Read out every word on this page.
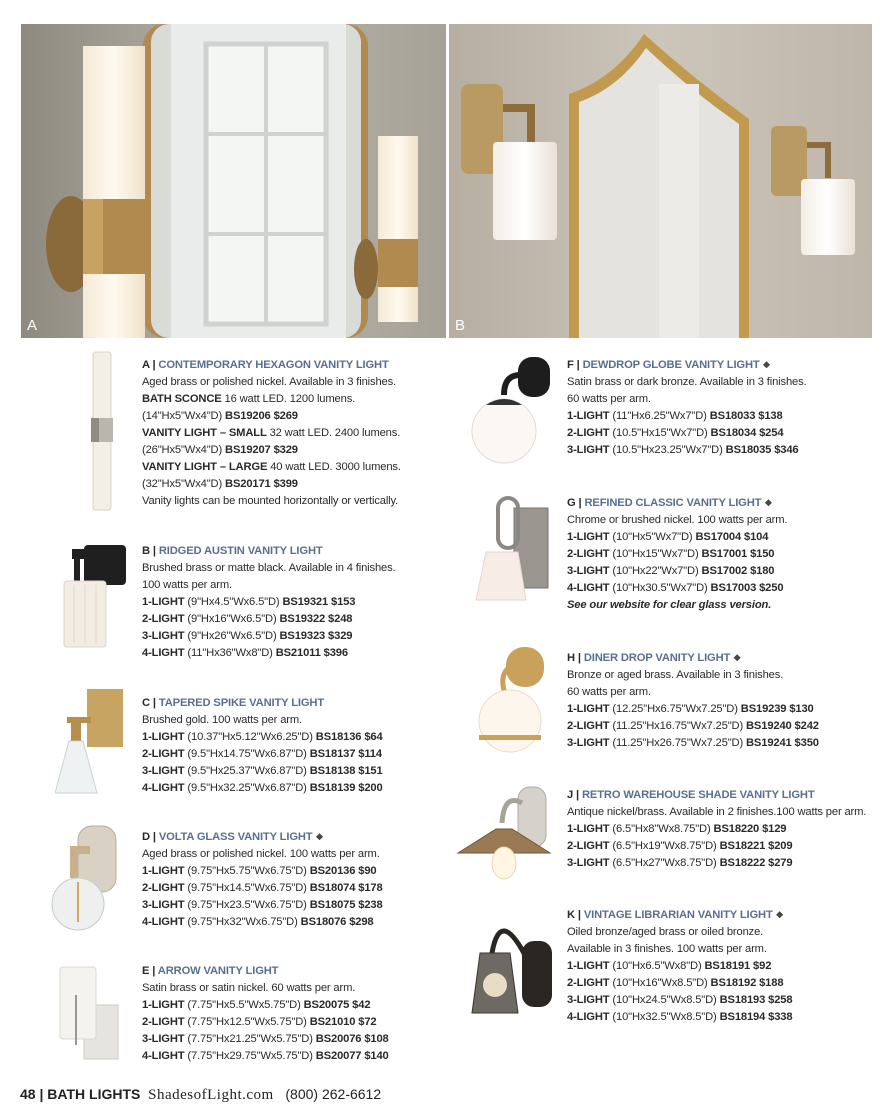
A	B
A | CONTEMPORARY HEXAGON VANITY LIGHT
Aged brass or polished nickel. Available in 3 finishes.
BATH SCONCE 16 watt LED. 1200 lumens.
(14"Hx5"Wx4"D) BS19206 $269
VANITY LIGHT – SMALL 32 watt LED. 2400 lumens.
(26"Hx5"Wx4"D) BS19207 $329
VANITY LIGHT – LARGE 40 watt LED. 3000 lumens.
(32"Hx5"Wx4"D) BS20171 $399
Vanity lights can be mounted horizontally or vertically.
B | RIDGED AUSTIN VANITY LIGHT
Brushed brass or matte black. Available in 4 finishes.
100 watts per arm.
1-LIGHT (9"Hx4.5"Wx6.5"D) BS19321 $153
2-LIGHT (9"Hx16"Wx6.5"D) BS19322 $248
3-LIGHT (9"Hx26"Wx6.5"D) BS19323 $329
4-LIGHT (11"Hx36"Wx8"D) BS21011 $396
C | TAPERED SPIKE VANITY LIGHT
Brushed gold. 100 watts per arm.
1-LIGHT (10.37"Hx5.12"Wx6.25"D) BS18136 $64
2-LIGHT (9.5"Hx14.75"Wx6.87"D) BS18137 $114
3-LIGHT (9.5"Hx25.37"Wx6.87"D) BS18138 $151
4-LIGHT (9.5"Hx32.25"Wx6.87"D) BS18139 $200
D | VOLTA GLASS VANITY LIGHT ❖
Aged brass or polished nickel. 100 watts per arm.
1-LIGHT (9.75"Hx5.75"Wx6.75"D) BS20136 $90
2-LIGHT (9.75"Hx14.5"Wx6.75"D) BS18074 $178
3-LIGHT (9.75"Hx23.5"Wx6.75"D) BS18075 $238
4-LIGHT (9.75"Hx32"Wx6.75"D) BS18076 $298
E | ARROW VANITY LIGHT
Satin brass or satin nickel. 60 watts per arm.
1-LIGHT (7.75"Hx5.5"Wx5.75"D) BS20075 $42
2-LIGHT (7.75"Hx12.5"Wx5.75"D) BS21010 $72
3-LIGHT (7.75"Hx21.25"Wx5.75"D) BS20076 $108
4-LIGHT (7.75"Hx29.75"Wx5.75"D) BS20077 $140
F | DEWDROP GLOBE VANITY LIGHT ❖
Satin brass or dark bronze. Available in 3 finishes.
60 watts per arm.
1-LIGHT (11"Hx6.25"Wx7"D) BS18033 $138
2-LIGHT (10.5"Hx15"Wx7"D) BS18034 $254
3-LIGHT (10.5"Hx23.25"Wx7"D) BS18035 $346
G | REFINED CLASSIC VANITY LIGHT ❖
Chrome or brushed nickel. 100 watts per arm.
1-LIGHT (10"Hx5"Wx7"D) BS17004 $104
2-LIGHT (10"Hx15"Wx7"D) BS17001 $150
3-LIGHT (10"Hx22"Wx7"D) BS17002 $180
4-LIGHT (10"Hx30.5"Wx7"D) BS17003 $250
See our website for clear glass version.
H | DINER DROP VANITY LIGHT ❖
Bronze or aged brass. Available in 3 finishes.
60 watts per arm.
1-LIGHT (12.25"Hx6.75"Wx7.25"D) BS19239 $130
2-LIGHT (11.25"Hx16.75"Wx7.25"D) BS19240 $242
3-LIGHT (11.25"Hx26.75"Wx7.25"D) BS19241 $350
J | RETRO WAREHOUSE SHADE VANITY LIGHT
Antique nickel/brass. Available in 2 finishes.100 watts per arm.
1-LIGHT (6.5"Hx8"Wx8.75"D) BS18220 $129
2-LIGHT (6.5"Hx19"Wx8.75"D) BS18221 $209
3-LIGHT (6.5"Hx27"Wx8.75"D) BS18222 $279
K | VINTAGE LIBRARIAN VANITY LIGHT ❖
Oiled bronze/aged brass or oiled bronze.
Available in 3 finishes. 100 watts per arm.
1-LIGHT (10"Hx6.5"Wx8"D) BS18191 $92
2-LIGHT (10"Hx16"Wx8.5"D) BS18192 $188
3-LIGHT (10"Hx24.5"Wx8.5"D) BS18193 $258
4-LIGHT (10"Hx32.5"Wx8.5"D) BS18194 $338
48 | BATH LIGHTS ShadesofLight.com (800) 262-6612
